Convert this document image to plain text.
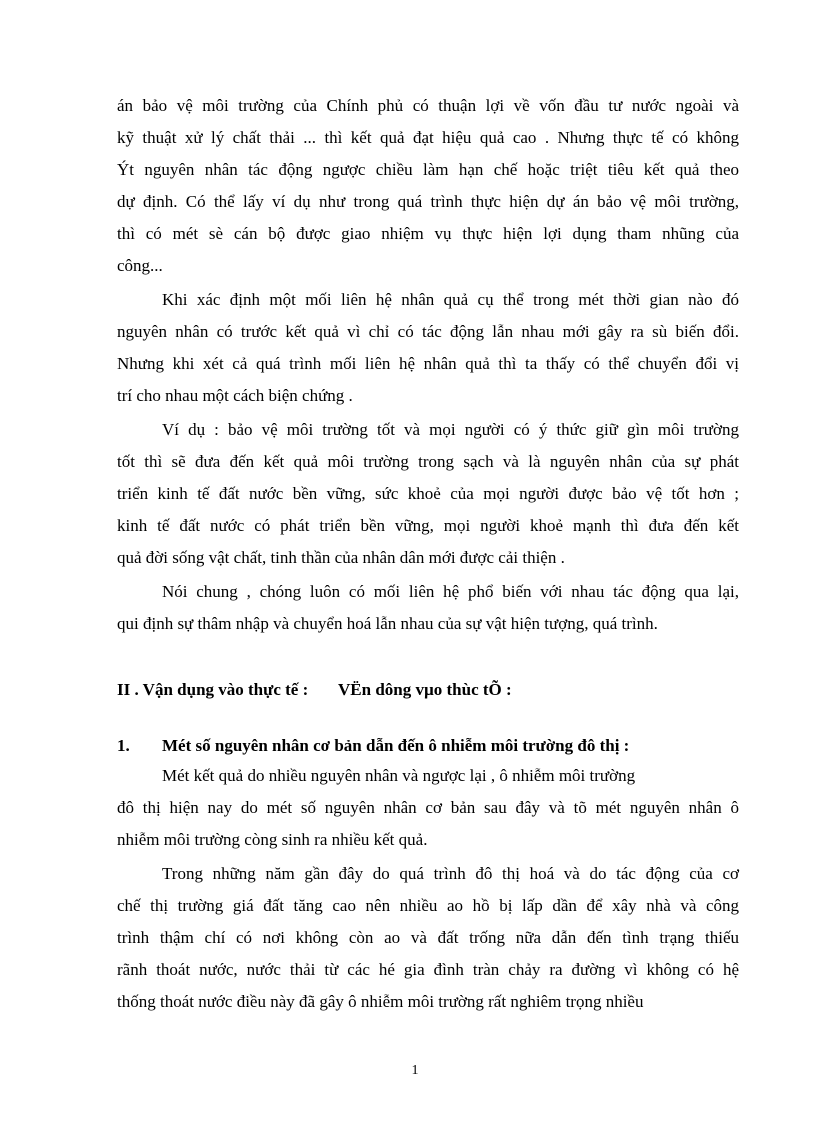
án bảo vệ môi trường của Chính phủ có thuận lợi về vốn đầu tư nước ngoài và
kỹ thuật xử lý chất thải ... thì kết quả đạt hiệu quả cao . Nhưng thực tế có không
Ýt nguyên nhân tác động ngược chiều làm hạn chế hoặc triệt tiêu kết quả theo
dự định. Có thể lấy ví dụ như trong quá trình thực hiện dự án bảo vệ môi trường,
thì có mét sè cán bộ được giao nhiệm vụ thực hiện lợi dụng tham nhũng của
công...
Khi xác định một mối liên hệ nhân quả cụ thể trong mét thời gian nào đó
nguyên nhân có trước kết quả vì chỉ có tác động lẫn nhau mới gây ra sù biến đổi.
Nhưng khi xét cả quá trình mối liên hệ nhân quả thì ta thấy có thể chuyển đổi vị
trí cho nhau một cách biện chứng .
Ví dụ : bảo vệ môi trường tốt và mọi người có ý thức giữ gìn môi trường
tốt thì sẽ đưa đến kết quả môi trường trong sạch và là nguyên nhân của sự phát
triển kinh tế đất nước bền vững, sức khoẻ của mọi người được bảo vệ tốt hơn ;
kinh tế đất nước có phát triển bền vững, mọi người khoẻ mạnh thì đưa đến kết
quả đời sống vật chất, tinh thần của nhân dân mới được cải thiện .
Nói chung , chóng luôn có mối liên hệ phổ biến với nhau tác động qua lại,
qui định sự thâm nhập và chuyển hoá lẫn nhau của sự vật hiện tượng, quá trình.
II . Vận dụng vào thực tế : VËn dông vµo thùc tÕ :
1. Mét số nguyên nhân cơ bản dẫn đến ô nhiễm môi trường đô thị :
Mét kết quả do nhiều nguyên nhân và ngược lại , ô nhiễm môi trường
đô thị hiện nay do mét số nguyên nhân cơ bản sau đây và tõ mét nguyên nhân ô
nhiễm môi trường còng sinh ra nhiều kết quả.
Trong những năm gần đây do quá trình đô thị hoá và do tác động của cơ
chế thị trường giá đất tăng cao nên nhiều ao hồ bị lấp dần để xây nhà và công
trình thậm chí có nơi không còn ao và đất trống nữa dẫn đến tình trạng thiếu
rãnh thoát nước, nước thải từ các hé gia đình tràn chảy ra đường vì không có hệ
thống thoát nước điều này đã gây ô nhiễm môi trường rất nghiêm trọng nhiều
1
